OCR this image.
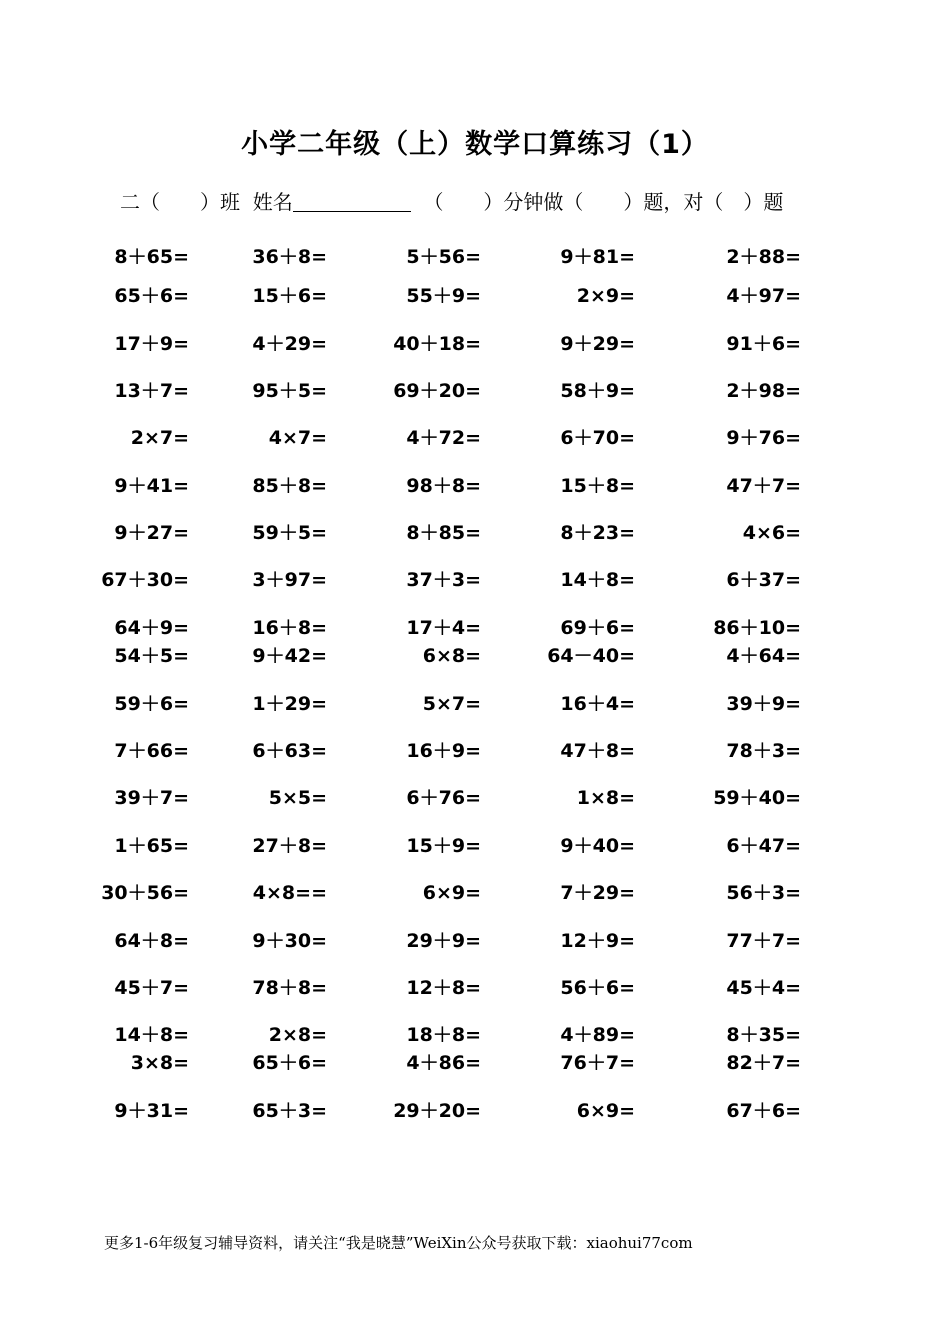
小学二年级（上）数学口算练习（1）
二（　　）班  姓名	（　　）分钟做（　　）题，对（　）题
8＋65=	36＋8=	5＋56=	9＋81=	2＋88=
65＋6=	15＋6=	55＋9=	2×9=	4＋97=
17＋9=	4＋29=	40＋18=	9＋29=	91＋6=
13＋7=	95＋5=	69＋20=	58＋9=	2＋98=
2×7=	4×7=	4＋72=	6＋70=	9＋76=
9＋41=	85＋8=	98＋8=	15＋8=	47＋7=
9＋27=	59＋5=	8＋85=	8＋23=	4×6=
67＋30=	3＋97=	37＋3=	14＋8=	6＋37=
64＋9=	16＋8=	17＋4=	69＋6=	86＋10=
54＋5=	9＋42=	6×8=	64－40=	4＋64=
59＋6=	1＋29=	5×7=	16＋4=	39＋9=
7＋66=	6＋63=	16＋9=	47＋8=	78＋3=
39＋7=	5×5=	6＋76=	1×8=	59＋40=
1＋65=	27＋8=	15＋9=	9＋40=	6＋47=
30＋56=	4×8==	6×9=	7＋29=	56＋3=
64＋8=	9＋30=	29＋9=	12＋9=	77＋7=
45＋7=	78＋8=	12＋8=	56＋6=	45＋4=
14＋8=	2×8=	18＋8=	4＋89=	8＋35=
3×8=	65＋6=	4＋86=	76＋7=	82＋7=
9＋31=	65＋3=	29＋20=	6×9=	67＋6=
更多1-6年级复习辅导资料，请关注“我是晓慧”WeiXin公众号获取下载：xiaohui77com
